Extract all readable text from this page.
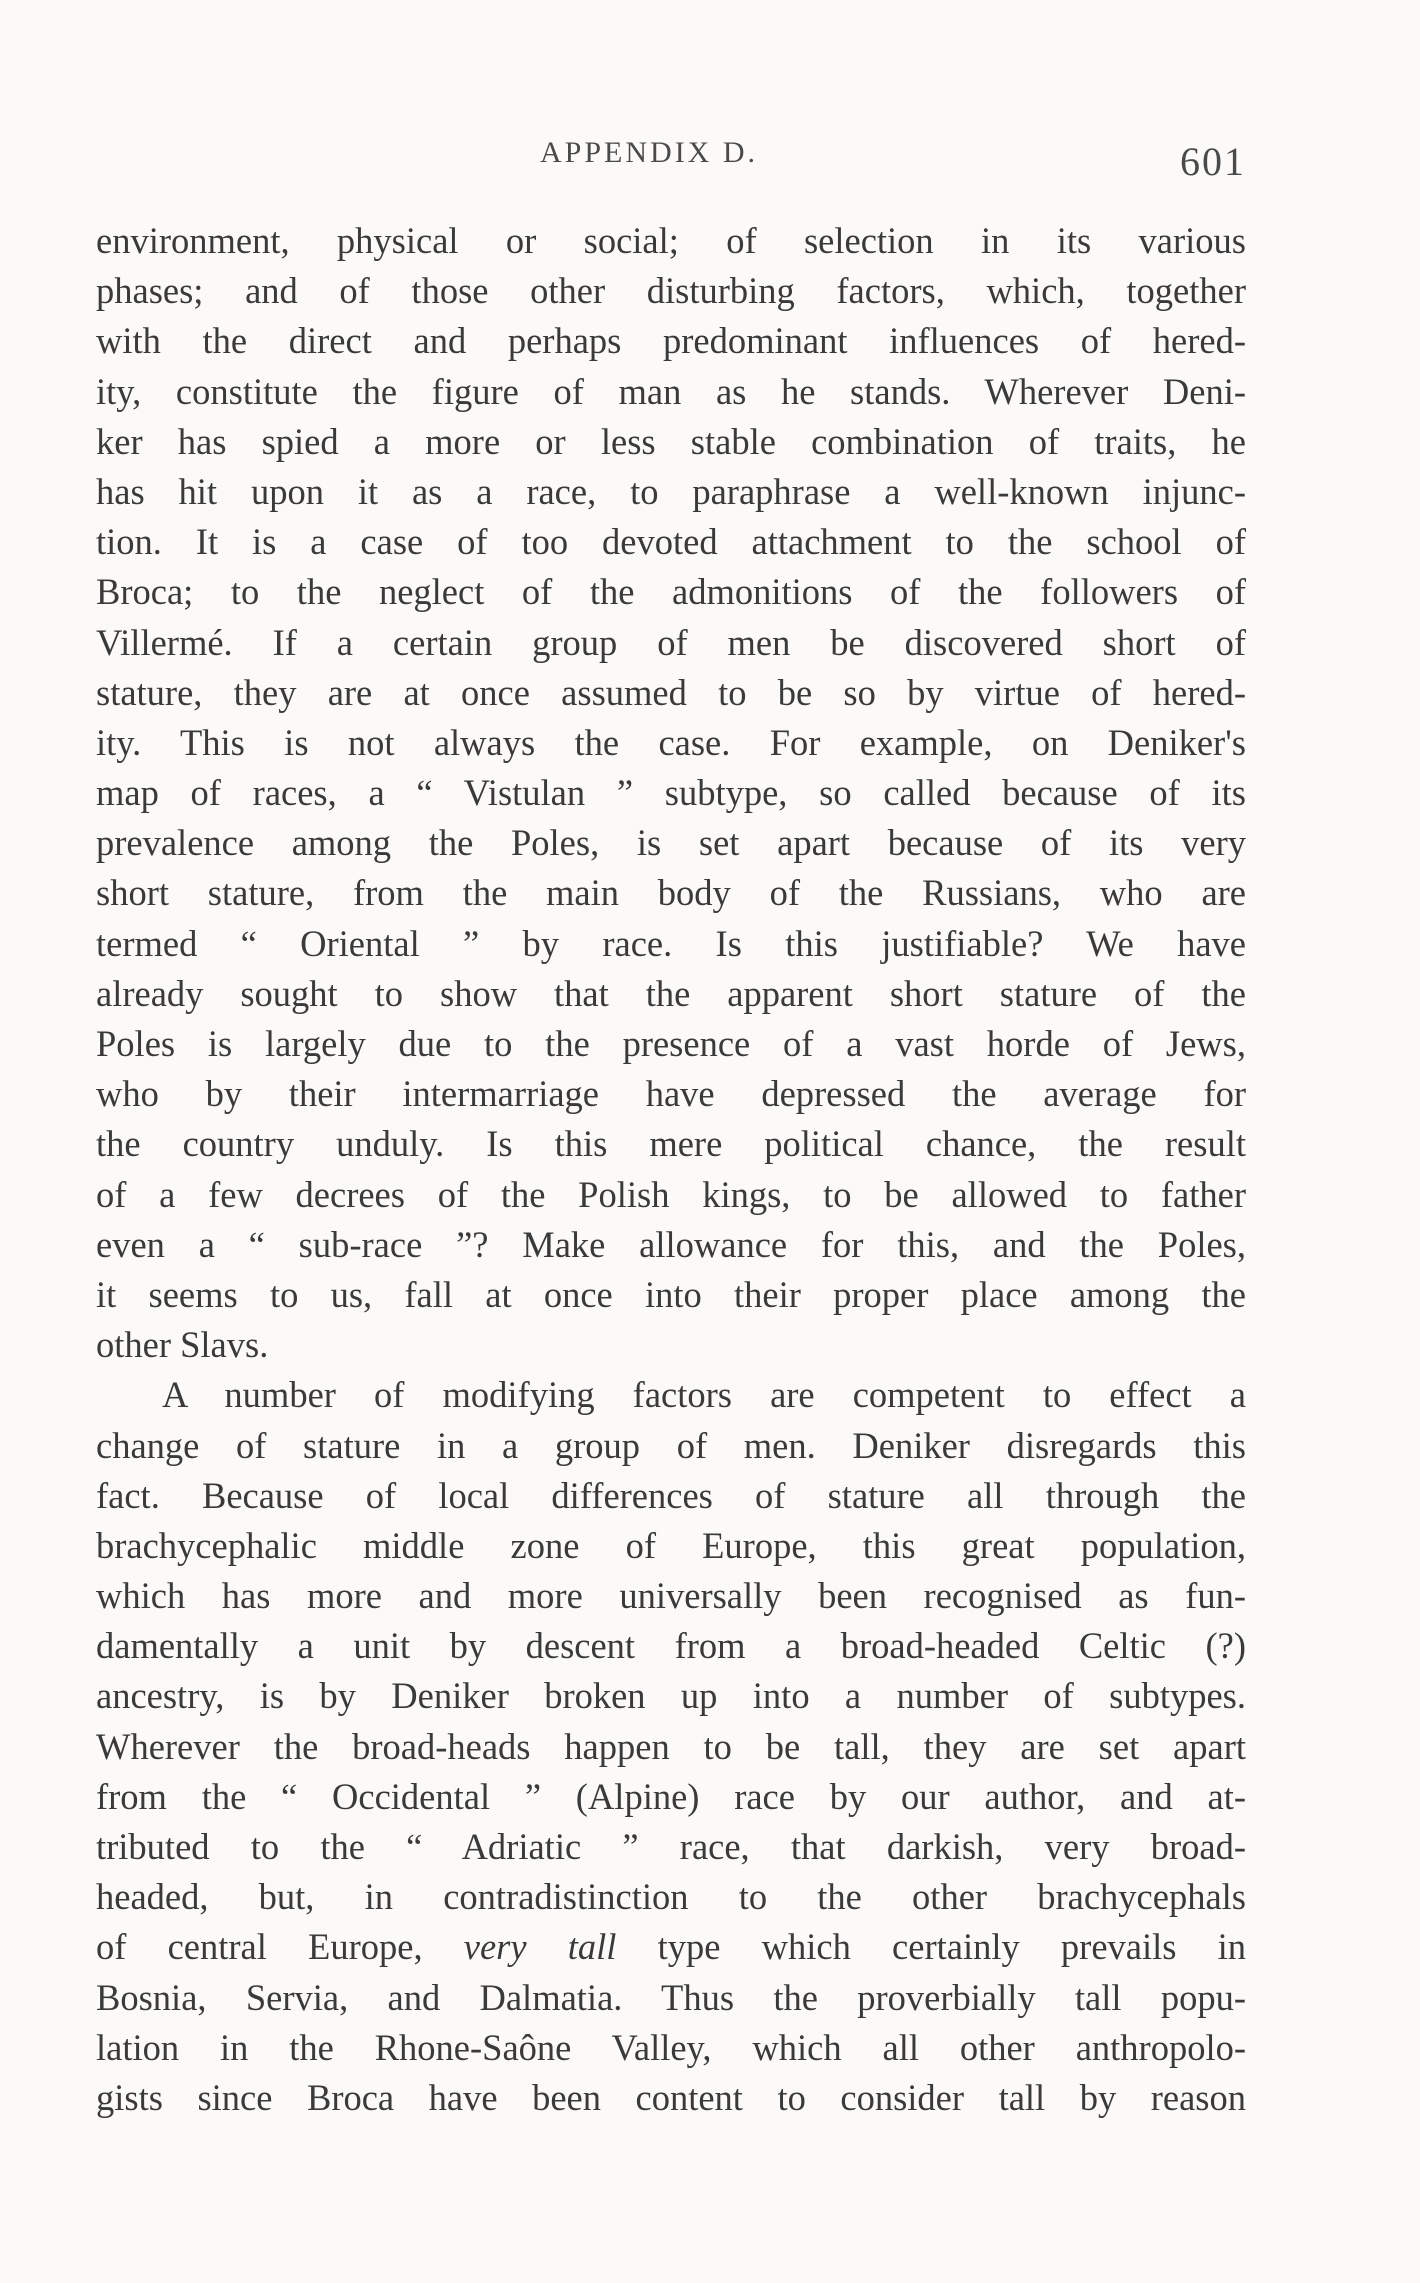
APPENDIX D.	601
environment, physical or social; of selection in its various
phases; and of those other disturbing factors, which, together
with the direct and perhaps predominant influences of hered-
ity, constitute the figure of man as he stands. Wherever Deni-
ker has spied a more or less stable combination of traits, he
has hit upon it as a race, to paraphrase a well-known injunc-
tion. It is a case of too devoted attachment to the school of
Broca; to the neglect of the admonitions of the followers of
Villermé. If a certain group of men be discovered short of
stature, they are at once assumed to be so by virtue of hered-
ity. This is not always the case. For example, on Deniker's
map of races, a “ Vistulan ” subtype, so called because of its
prevalence among the Poles, is set apart because of its very
short stature, from the main body of the Russians, who are
termed “ Oriental ” by race. Is this justifiable? We have
already sought to show that the apparent short stature of the
Poles is largely due to the presence of a vast horde of Jews,
who by their intermarriage have depressed the average for
the country unduly. Is this mere political chance, the result
of a few decrees of the Polish kings, to be allowed to father
even a “ sub-race ”? Make allowance for this, and the Poles,
it seems to us, fall at once into their proper place among the
other Slavs.
A number of modifying factors are competent to effect a
change of stature in a group of men. Deniker disregards this
fact. Because of local differences of stature all through the
brachycephalic middle zone of Europe, this great population,
which has more and more universally been recognised as fun-
damentally a unit by descent from a broad-headed Celtic (?)
ancestry, is by Deniker broken up into a number of subtypes.
Wherever the broad-heads happen to be tall, they are set apart
from the “ Occidental ” (Alpine) race by our author, and at-
tributed to the “ Adriatic ” race, that darkish, very broad-
headed, but, in contradistinction to the other brachycephals
of central Europe, very tall type which certainly prevails in
Bosnia, Servia, and Dalmatia. Thus the proverbially tall popu-
lation in the Rhone-Saône Valley, which all other anthropolo-
gists since Broca have been content to consider tall by reason
